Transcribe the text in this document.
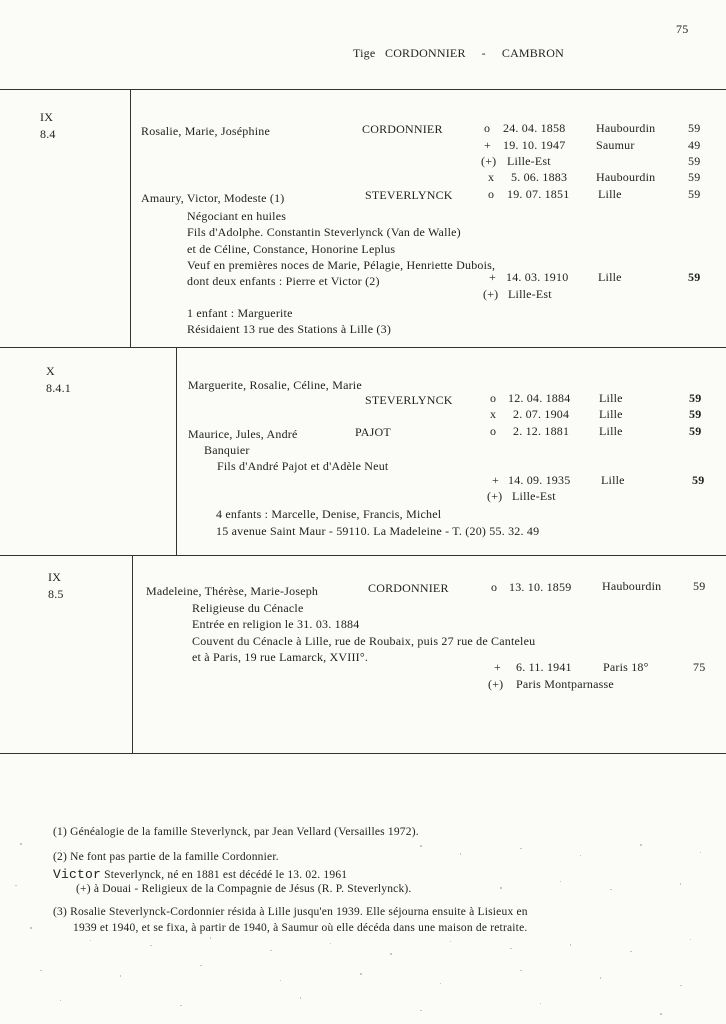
75
Tige CORDONNIER - CAMBRON
IX
8.4	Rosalie, Marie, Joséphine	CORDONNIER	o 24. 04. 1858	Haubourdin	59
+ 19. 10. 1947	Saumur	49
(+) Lille-Est	59
x 5. 06. 1883 Haubourdin	59
Amaury, Victor, Modeste (1)	STEVERLYNCK	o 19. 07. 1851 Lille	59
Négociant en huiles
Fils d'Adolphe. Constantin Steverlynck (Van de Walle)
et de Céline, Constance, Honorine Leplus
Veuf en premières noces de Marie, Pélagie, Henriette Dubois,
dont deux enfants : Pierre et Victor (2)	+ 14. 03. 1910 Lille	59
(+) Lille-Est
1 enfant : Marguerite
Résidaient 13 rue des Stations à Lille (3)
X
8.4.1	Marguerite, Rosalie, Céline, Marie
STEVERLYNCK	o 12. 04. 1884 Lille	59
x 2. 07. 1904 Lille	59
Maurice, Jules, André	PAJOT	o 2. 12. 1881 Lille	59
Banquier
Fils d'André Pajot et d'Adèle Neut
+ 14. 09. 1935	Lille	59
(+) Lille-Est
4 enfants : Marcelle, Denise, Francis, Michel
15 avenue Saint Maur - 59110. La Madeleine - T. (20) 55. 32. 49
IX
8.5	Madeleine, Thérèse, Marie-Joseph	CORDONNIER	o 13. 10. 1859	Haubourdin	59
Religieuse du Cénacle
Entrée en religion le 31. 03. 1884
Couvent du Cénacle à Lille, rue de Roubaix, puis 27 rue de Canteleu
et à Paris, 19 rue Lamarck, XVIII°.
+ 6. 11. 1941	Paris 18°	75
(+) Paris Montparnasse
(1) Généalogie de la famille Steverlynck, par Jean Vellard (Versailles 1972).
(2) Ne font pas partie de la famille Cordonnier.
Victor Steverlynck, né en 1881 est décédé le 13. 02. 1961
(+) à Douai - Religieux de la Compagnie de Jésus (R. P. Steverlynck).
(3) Rosalie Steverlynck-Cordonnier résida à Lille jusqu'en 1939. Elle séjourna ensuite à Lisieux en
1939 et 1940, et se fixa, à partir de 1940, à Saumur où elle décéda dans une maison de retraite.
